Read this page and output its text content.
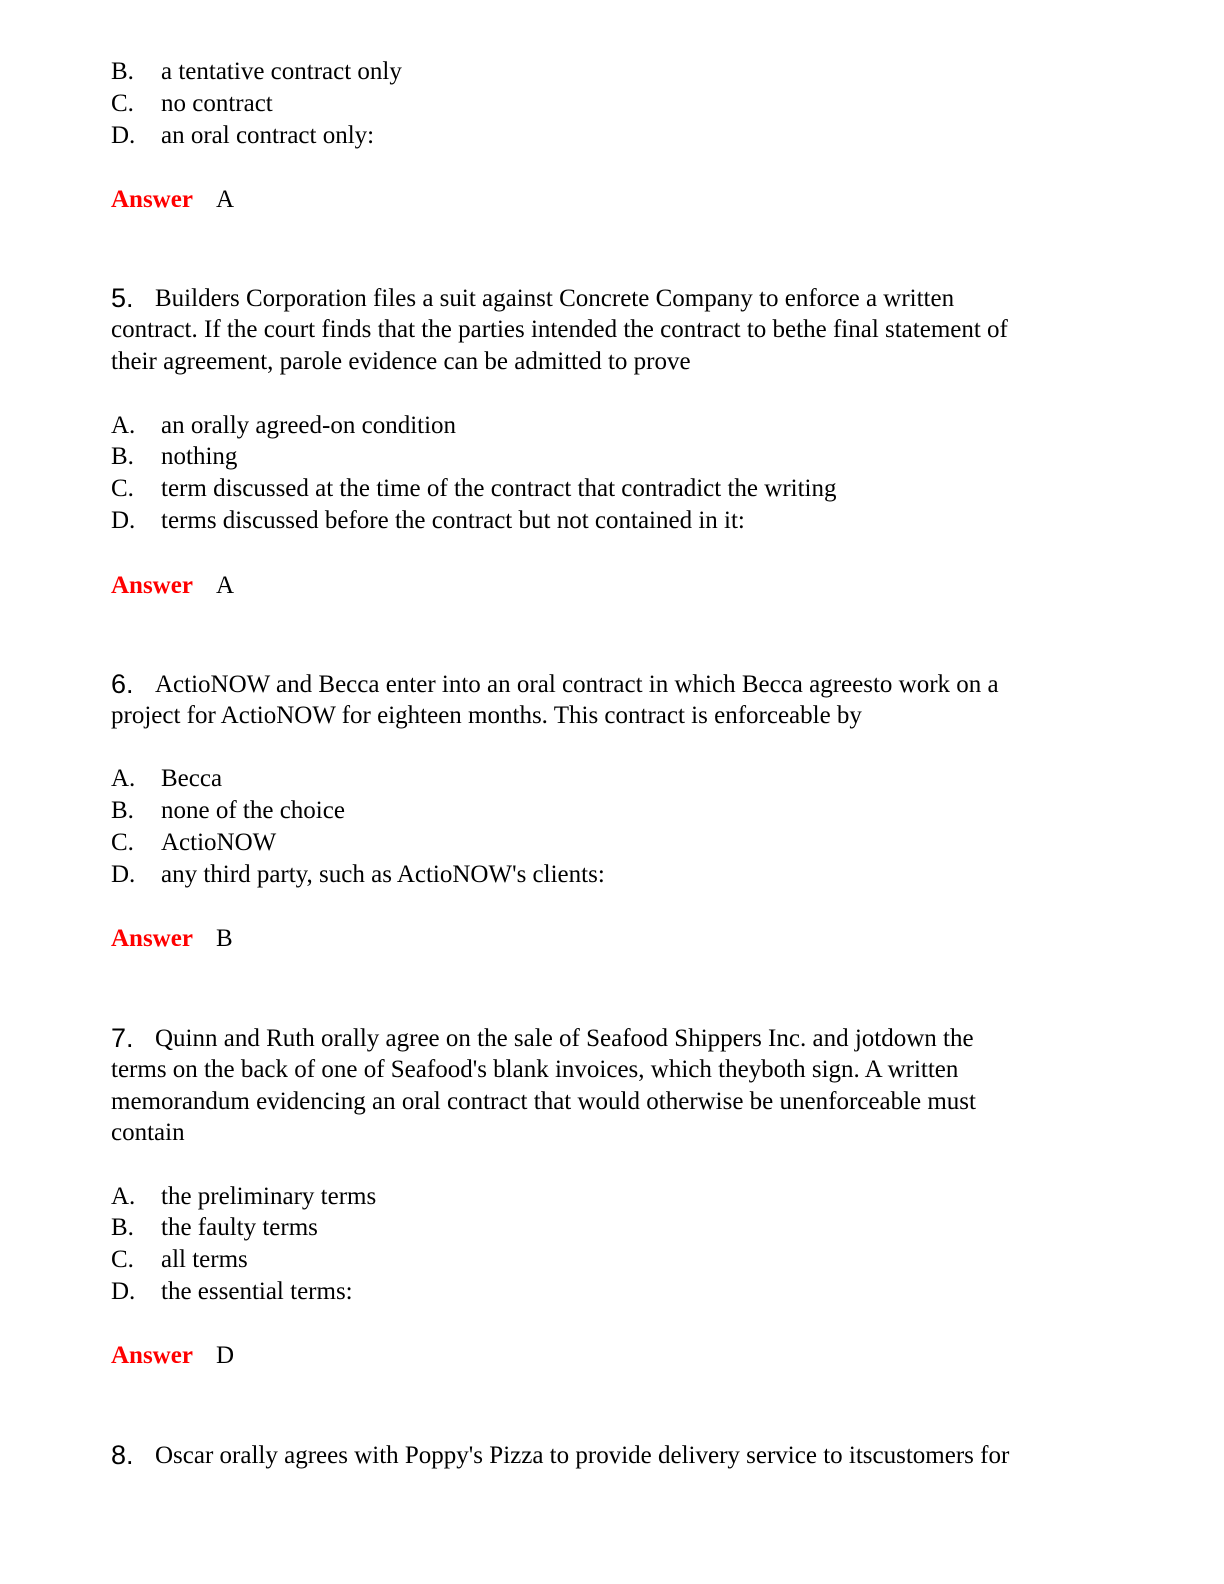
B. a tentative contract only
C. no contract
D. an oral contract only:
Answer A
5. Builders Corporation files a suit against Concrete Company to enforce a written
contract. If the court finds that the parties intended the contract to bethe final statement of
their agreement, parole evidence can be admitted to prove
A. an orally agreed-on condition
B. nothing
C. term discussed at the time of the contract that contradict the writing
D. terms discussed before the contract but not contained in it:
Answer A
6. ActioNOW and Becca enter into an oral contract in which Becca agreesto work on a
project for ActioNOW for eighteen months. This contract is enforceable by
A. Becca
B. none of the choice
C. ActioNOW
D. any third party, such as ActioNOW's clients:
Answer B
7. Quinn and Ruth orally agree on the sale of Seafood Shippers Inc. and jotdown the
terms on the back of one of Seafood's blank invoices, which theyboth sign. A written
memorandum evidencing an oral contract that would otherwise be unenforceable must
contain
A. the preliminary terms
B. the faulty terms
C. all terms
D. the essential terms:
Answer D
8. Oscar orally agrees with Poppy's Pizza to provide delivery service to itscustomers for
